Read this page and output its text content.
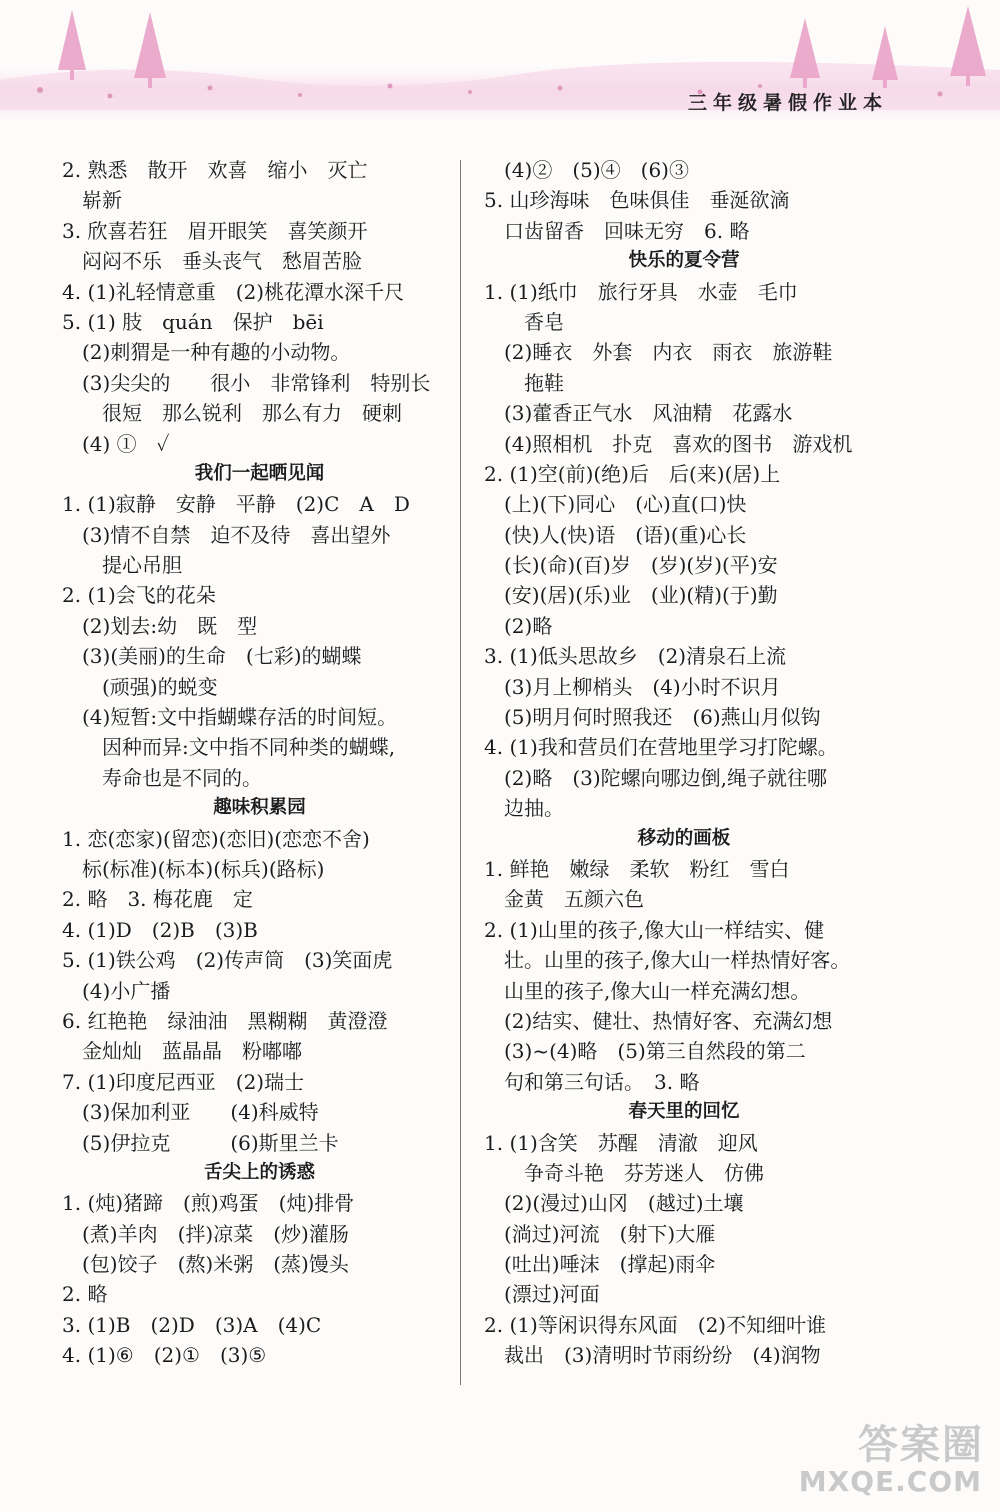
三年级暑假作业本
2. 熟悉　散开　欢喜　缩小　灭亡
　崭新
3. 欣喜若狂　眉开眼笑　喜笑颜开
　闷闷不乐　垂头丧气　愁眉苦脸
4. (1)礼轻情意重　(2)桃花潭水深千尺
5. (1) 肢　quán　保护　bēi
　(2)刺猬是一种有趣的小动物。
　(3)尖尖的　　很小　非常锋利　特别长
　　很短　那么锐利　那么有力　硬刺
　(4) ①　✓
我们一起晒见闻
1. (1)寂静　安静　平静　(2)C　A　D
　(3)情不自禁　迫不及待　喜出望外
　　提心吊胆
2. (1)会飞的花朵
　(2)划去:幼　既　型
　(3)(美丽)的生命　(七彩)的蝴蝶
　　(顽强)的蜕变
　(4)短暂:文中指蝴蝶存活的时间短。
　　因种而异:文中指不同种类的蝴蝶,
　　寿命也是不同的。
趣味积累园
1. 恋(恋家)(留恋)(恋旧)(恋恋不舍)
　标(标准)(标本)(标兵)(路标)
2. 略　3. 梅花鹿　定
4. (1)D　(2)B　(3)B
5. (1)铁公鸡　(2)传声筒　(3)笑面虎
　(4)小广播
6. 红艳艳　绿油油　黑糊糊　黄澄澄
　金灿灿　蓝晶晶　粉嘟嘟
7. (1)印度尼西亚　(2)瑞士
　(3)保加利亚　　(4)科威特
　(5)伊拉克　　　(6)斯里兰卡
舌尖上的诱惑
1. (炖)猪蹄　(煎)鸡蛋　(炖)排骨
　(煮)羊肉　(拌)凉菜　(炒)灌肠
　(包)饺子　(熬)米粥　(蒸)馒头
2. 略
3. (1)B　(2)D　(3)A　(4)C
4. (1)⑥　(2)①　(3)⑤
　(4)②　(5)④　(6)③
5. 山珍海味　色味俱佳　垂涎欲滴
　口齿留香　回味无穷　6. 略
快乐的夏令营
1. (1)纸巾　旅行牙具　水壶　毛巾
　　香皂
　(2)睡衣　外套　内衣　雨衣　旅游鞋
　　拖鞋
　(3)藿香正气水　风油精　花露水
　(4)照相机　扑克　喜欢的图书　游戏机
2. (1)空(前)(绝)后　后(来)(居)上
　(上)(下)同心　(心)直(口)快
　(快)人(快)语　(语)(重)心长
　(长)(命)(百)岁　(岁)(岁)(平)安
　(安)(居)(乐)业　(业)(精)(于)勤
　(2)略
3. (1)低头思故乡　(2)清泉石上流
　(3)月上柳梢头　(4)小时不识月
　(5)明月何时照我还　(6)燕山月似钩
4. (1)我和营员们在营地里学习打陀螺。
　(2)略　(3)陀螺向哪边倒,绳子就往哪
　边抽。
移动的画板
1. 鲜艳　嫩绿　柔软　粉红　雪白
　金黄　五颜六色
2. (1)山里的孩子,像大山一样结实、健
　壮。山里的孩子,像大山一样热情好客。
　山里的孩子,像大山一样充满幻想。
　(2)结实、健壮、热情好客、充满幻想
　(3)~(4)略　(5)第三自然段的第二
　句和第三句话。　3. 略
春天里的回忆
1. (1)含笑　苏醒　清澈　迎风
　　争奇斗艳　芬芳迷人　仿佛
　(2)(漫过)山冈　(越过)土壤
　(淌过)河流　(射下)大雁
　(吐出)唾沫　(撑起)雨伞
　(漂过)河面
2. (1)等闲识得东风面　(2)不知细叶谁
　裁出　(3)清明时节雨纷纷　(4)润物
答案圈
MXQE.COM
